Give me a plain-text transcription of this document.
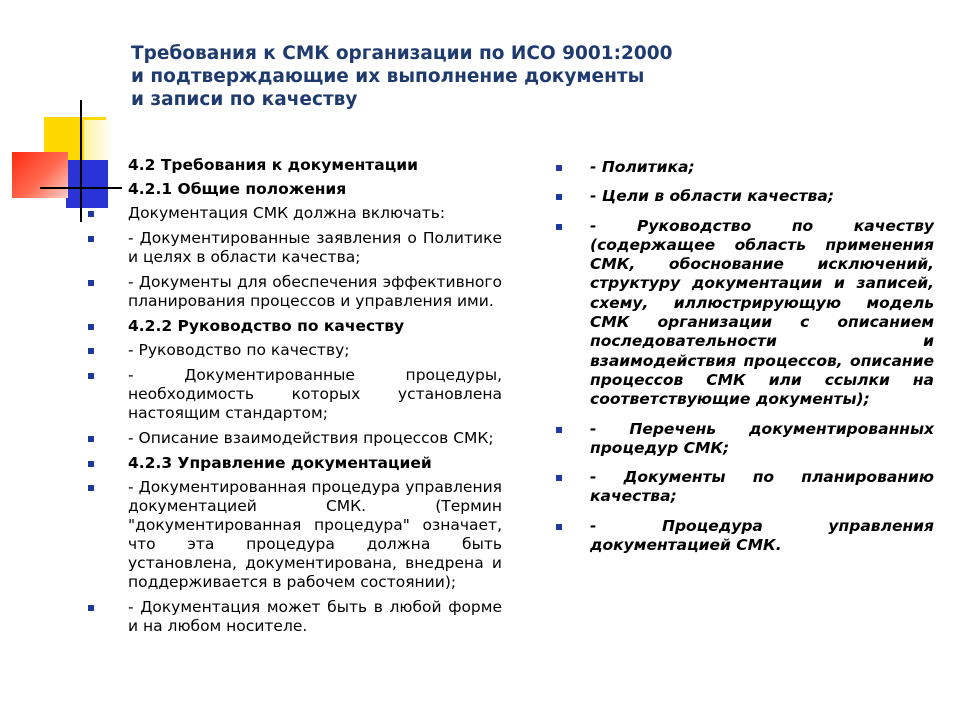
Требования к СМК организации по ИСО 9001:2000
и подтверждающие их выполнение документы
и записи по качеству
4.2 Требования к документации
4.2.1 Общие положения
Документация СМК должна включать:
- Документированные заявления о Политике и целях в области качества;
- Документы для обеспечения эффективного планирования процессов и управления ими.
4.2.2 Руководство по качеству
- Руководство по качеству;
- Документированные процедуры, необходимость которых установлена настоящим стандартом;
- Описание взаимодействия процессов СМК;
4.2.3 Управление документацией
- Документированная процедура управления документацией СМК. (Термин "документированная процедура" означает, что эта процедура должна быть установлена, документирована, внедрена и поддерживается в рабочем состоянии);
- Документация может быть в любой форме и на любом носителе.
- Политика;
- Цели в области качества;
- Руководство по качеству (содержащее область применения СМК, обоснование исключений, структуру документации и записей, схему, иллюстрирующую модель СМК организации с описанием последовательности и взаимодействия процессов, описание процессов СМК или ссылки на соответствующие документы);
- Перечень документированных процедур СМК;
- Документы по планированию качества;
- Процедура управления документацией СМК.
